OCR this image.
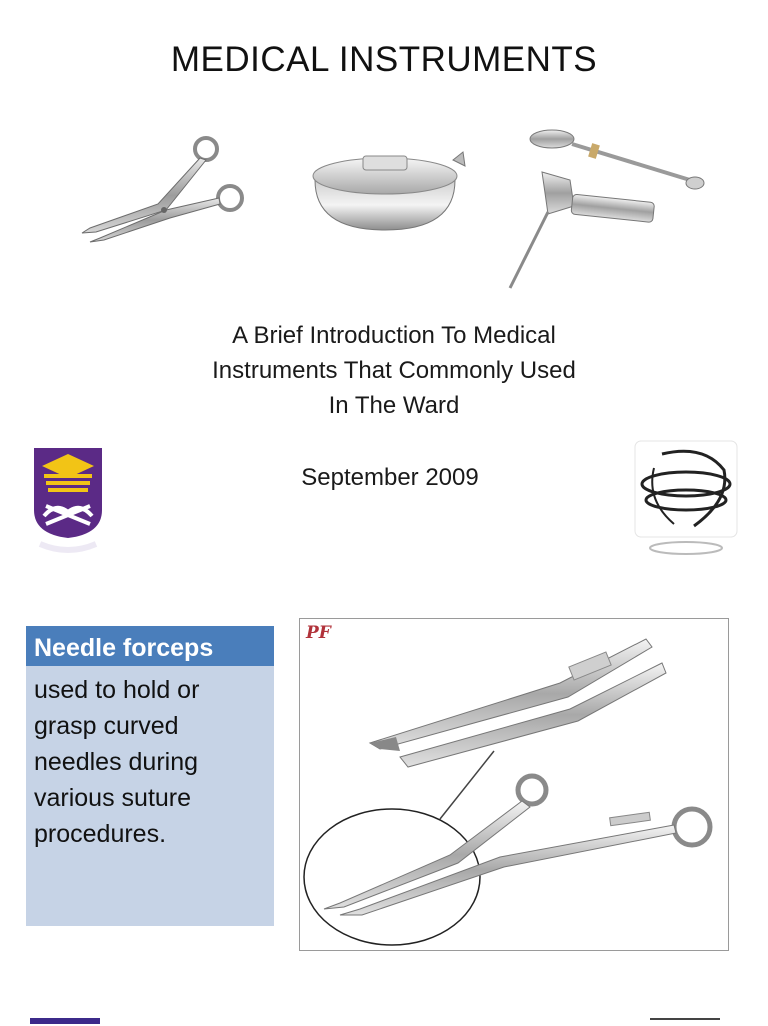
MEDICAL INSTRUMENTS
A Brief Introduction To Medical
Instruments That Commonly Used
In The Ward
September 2009
Needle forceps
used to hold or
grasp curved
needles during
various suture
procedures.
PF
